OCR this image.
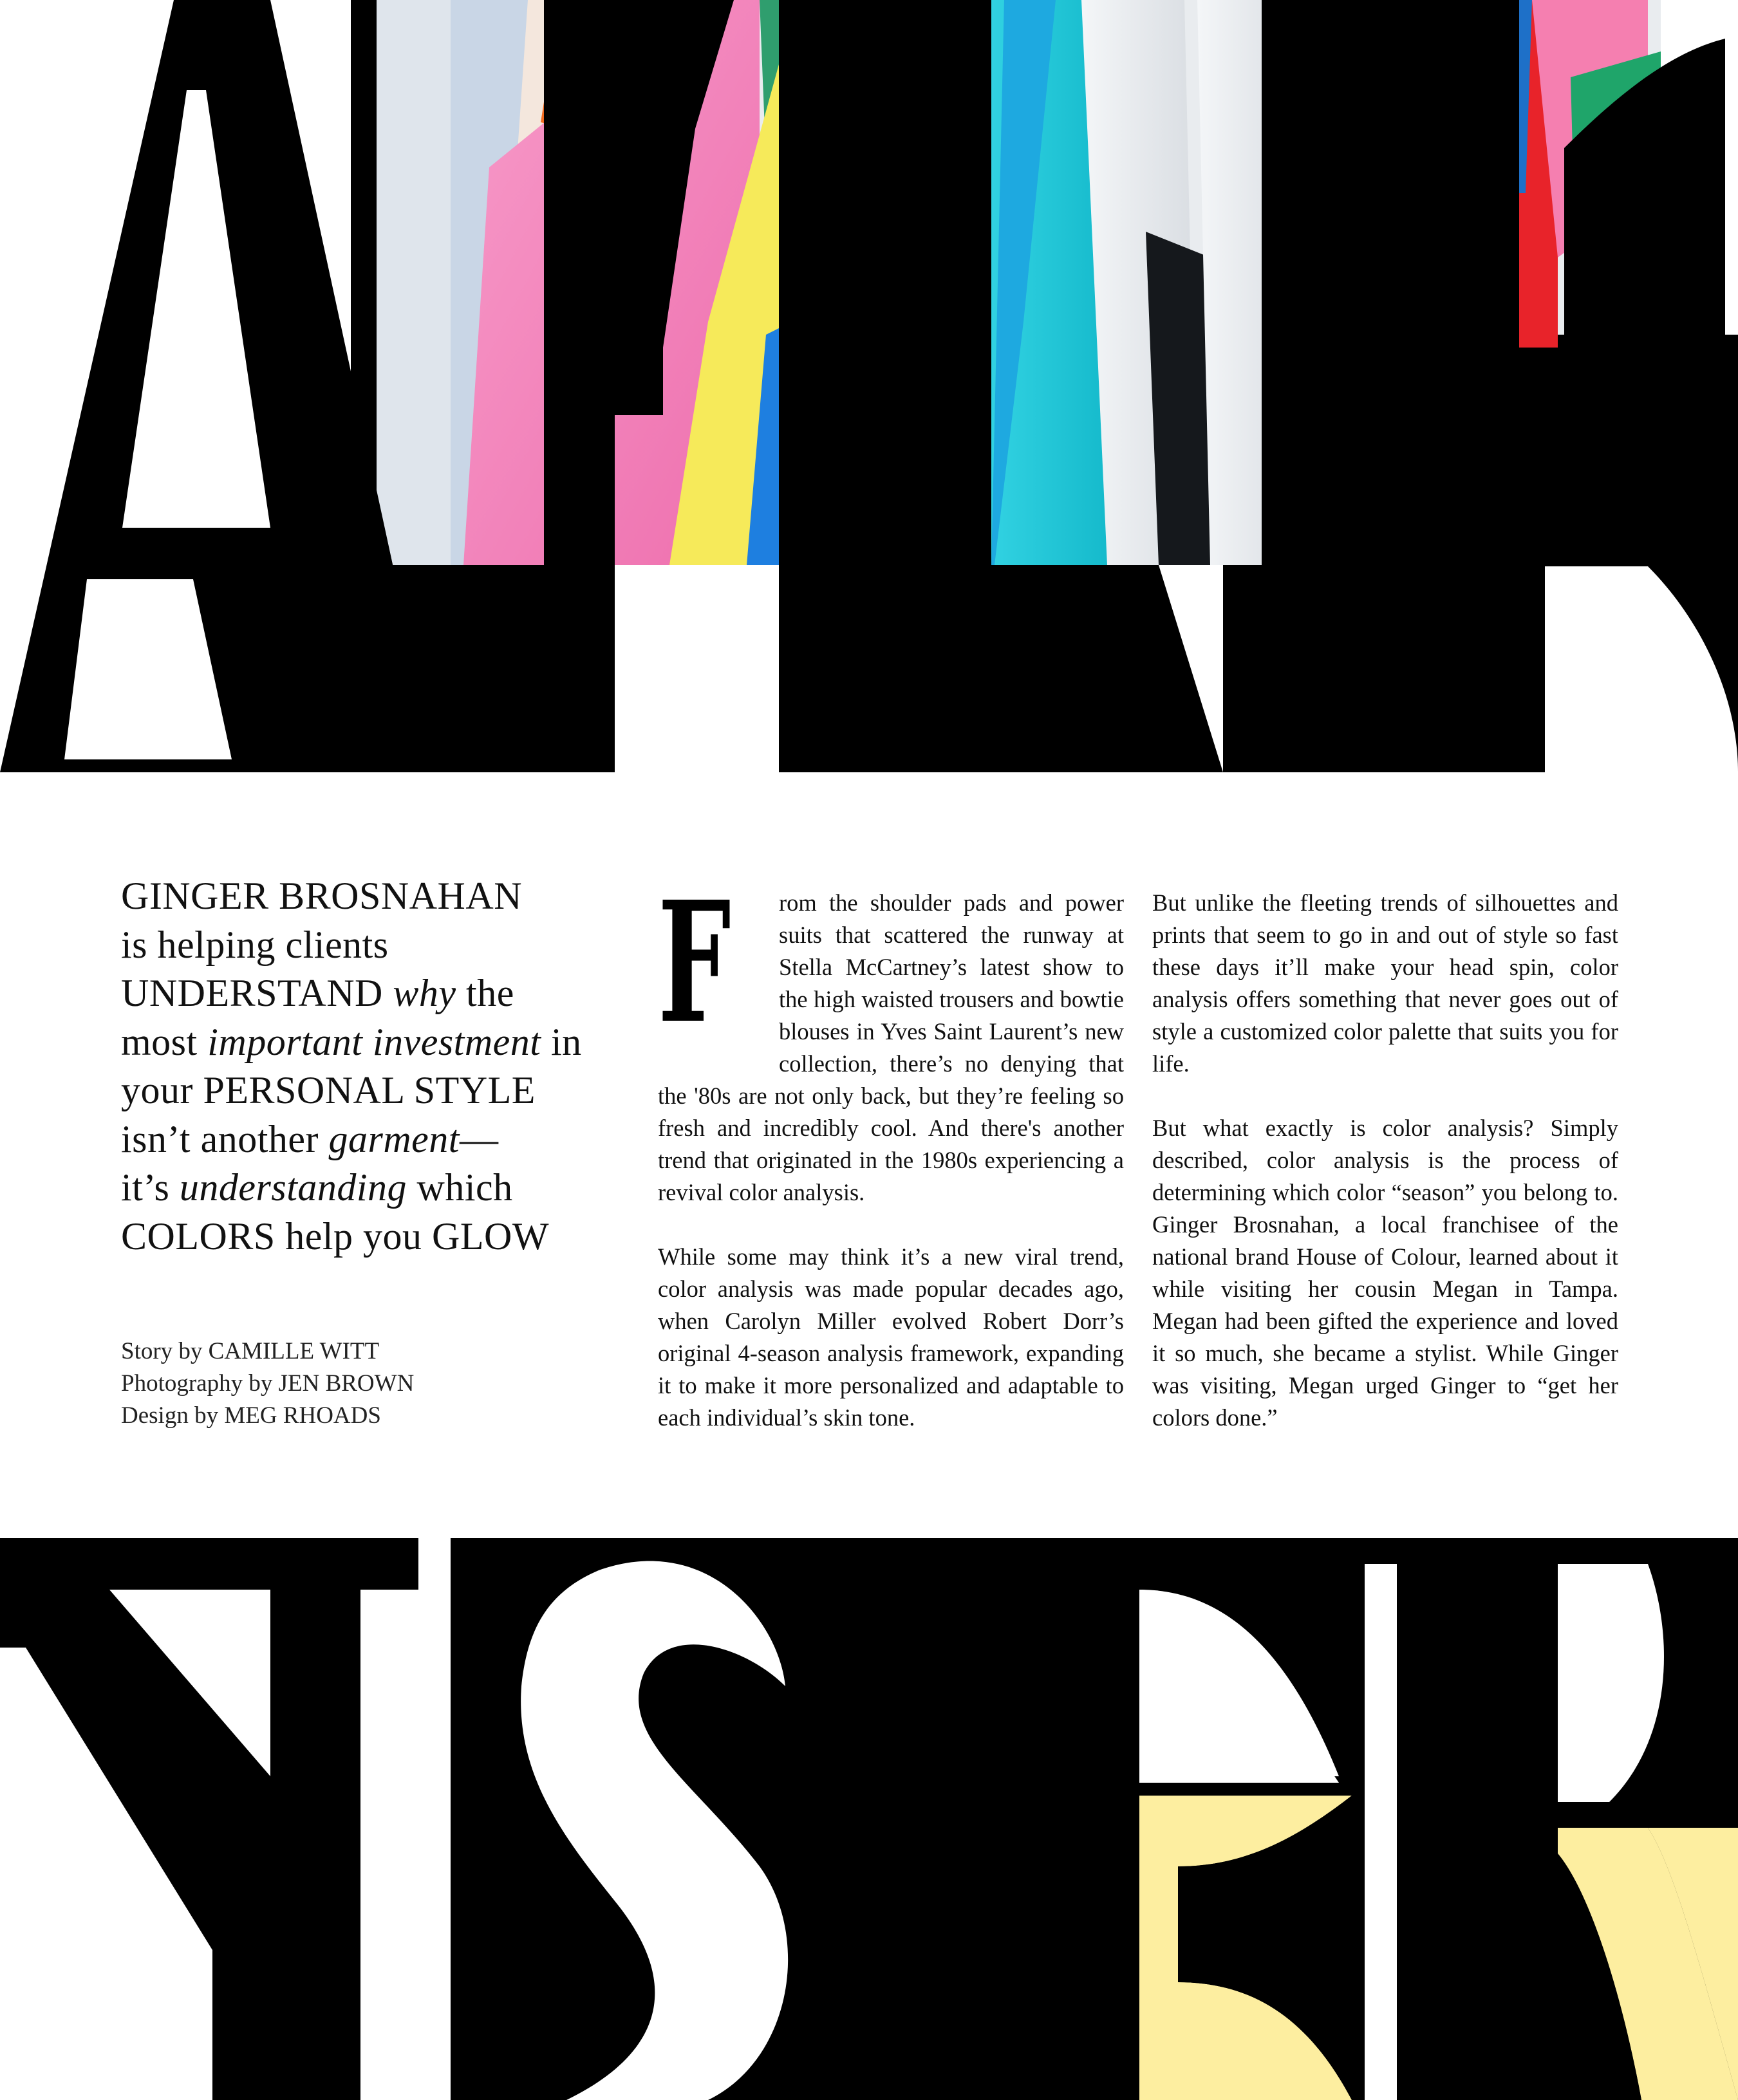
GINGER BROSNAHAN
is helping clients
UNDERSTAND why the
most important investment in
your PERSONAL STYLE
isn’t another garment—
it’s understanding which
COLORS help you GLOW
Story by CAMILLE WITT
Photography by JEN BROWN
Design by MEG RHOADS

F rom the shoulder pads and power suits that scattered the runway at Stella McCartney’s latest show to the high waisted trousers and bowtie blouses in Yves Saint Laurent’s new collection, there’s no denying that the '80s are not only back, but they’re feeling so fresh and incredibly cool. And there's another trend that originated in the 1980s experiencing a revival color analysis.

While some may think it’s a new viral trend, color analysis was made popular decades ago, when Carolyn Miller evolved Robert Dorr’s original 4-season analysis framework, expanding it to make it more personalized and adaptable to each individual’s skin tone.

But unlike the fleeting trends of silhouettes and prints that seem to go in and out of style so fast these days it’ll make your head spin, color analysis offers something that never goes out of style a customized color palette that suits you for life.

But what exactly is color analysis? Simply described, color analysis is the process of determining which color “season” you belong to. Ginger Brosnahan, a local franchisee of the national brand House of Colour, learned about it while visiting her cousin Megan in Tampa. Megan had been gifted the experience and loved it so much, she became a stylist. While Ginger was visiting, Megan urged Ginger to “get her colors done.”
